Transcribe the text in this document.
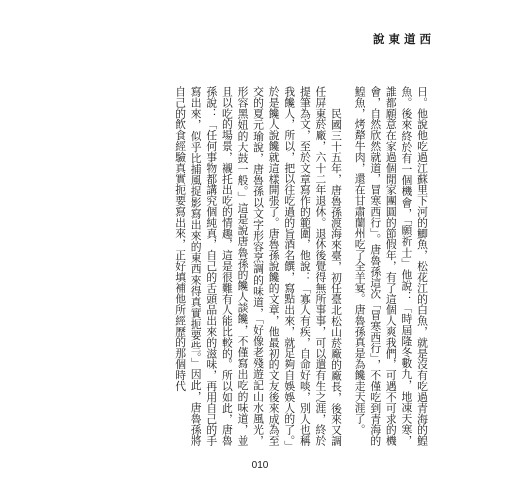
說東道西

日。他說他吃過江蘇里下河的鯽魚，松花江的白魚，就是沒有吃過青海的鰉魚。後來終於有一個機會，「願祈士」他說：「時屆隆冬數九，地凍天寒，誰都願意在家過個閒家團圓的節假年，有了這個人爽我們，可遇不可求的機會，自然欣然就道，冒寒西行」。唐魯孫這次「冒寒西行」，不僅吃到青海的鰉魚，烤犛牛肉，還在甘肅蘭州吃了全羊宴。唐魯孫真是為饞走天涯了。

民國三十五年，唐魯孫渡海來臺，初任臺北松山菸廠的廠長，後來又調任屏東菸廠，六十二年退休。退休後覺得無所事事，可以遣有生之涯，終於提筆為文，至於文章寫作的範圍，他說：「寡人有疾，自命好啖，別人也稱我饞人，所以，把以往吃過的旨酒名饌，寫點出來，就足夠自娛娛人的了。」於是饞人說饞就這樣開張了。唐魯孫說饞的文章，他最初的文友後來成為至交的夏元瑜說，唐魯孫以文字形容烹調的味道，「好像老殘遊記山水風光，形容黑妞的大鼓一般。」這是說唐魯孫的饞人談饞，不僅寫出吃的味道，並且以吃的場景，襯托出吃的情趣，這是很難有人能比較的。所以如此，唐魯孫說：「任何事物都講究個純真，自己的舌頭品出來的滋味，再用自己的手寫出來，似乎比捕風捉影寫出來的東西來得真實扼要些。」因此，唐魯孫將自己的飲食經驗真實扼要寫出來，正好填補他所經歷的那個時代

010
